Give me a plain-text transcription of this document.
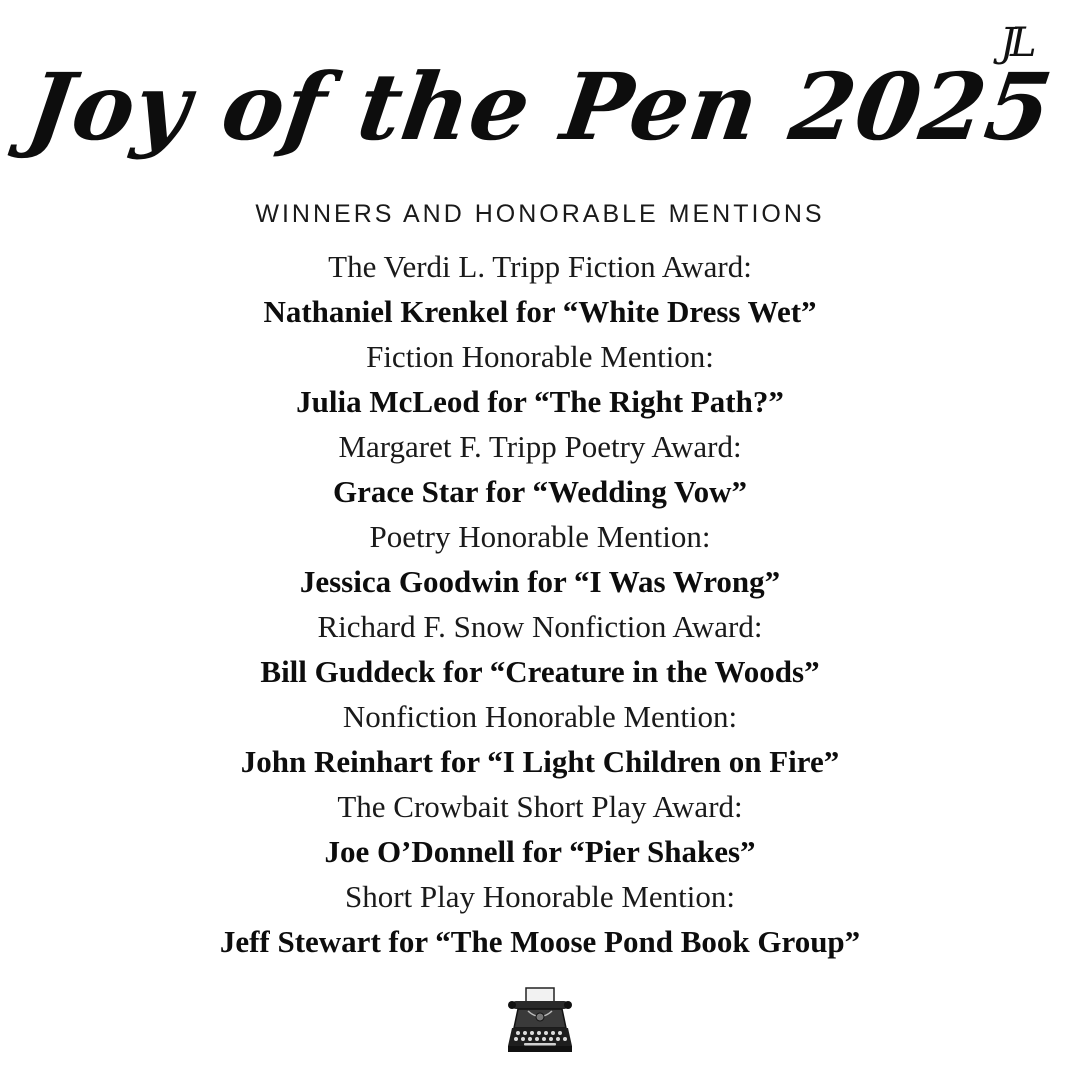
JL
Joy of the Pen 2025
WINNERS AND HONORABLE MENTIONS
The Verdi L. Tripp Fiction Award:
Nathaniel Krenkel for “White Dress Wet”
Fiction Honorable Mention:
Julia McLeod for “The Right Path?”
Margaret F. Tripp Poetry Award:
Grace Star for “Wedding Vow”
Poetry Honorable Mention:
Jessica Goodwin for “I Was Wrong”
Richard F. Snow Nonfiction Award:
Bill Guddeck for “Creature in the Woods”
Nonfiction Honorable Mention:
John Reinhart for “I Light Children on Fire”
The Crowbait Short Play Award:
Joe O’Donnell for “Pier Shakes”
Short Play Honorable Mention:
Jeff Stewart for “The Moose Pond Book Group”
